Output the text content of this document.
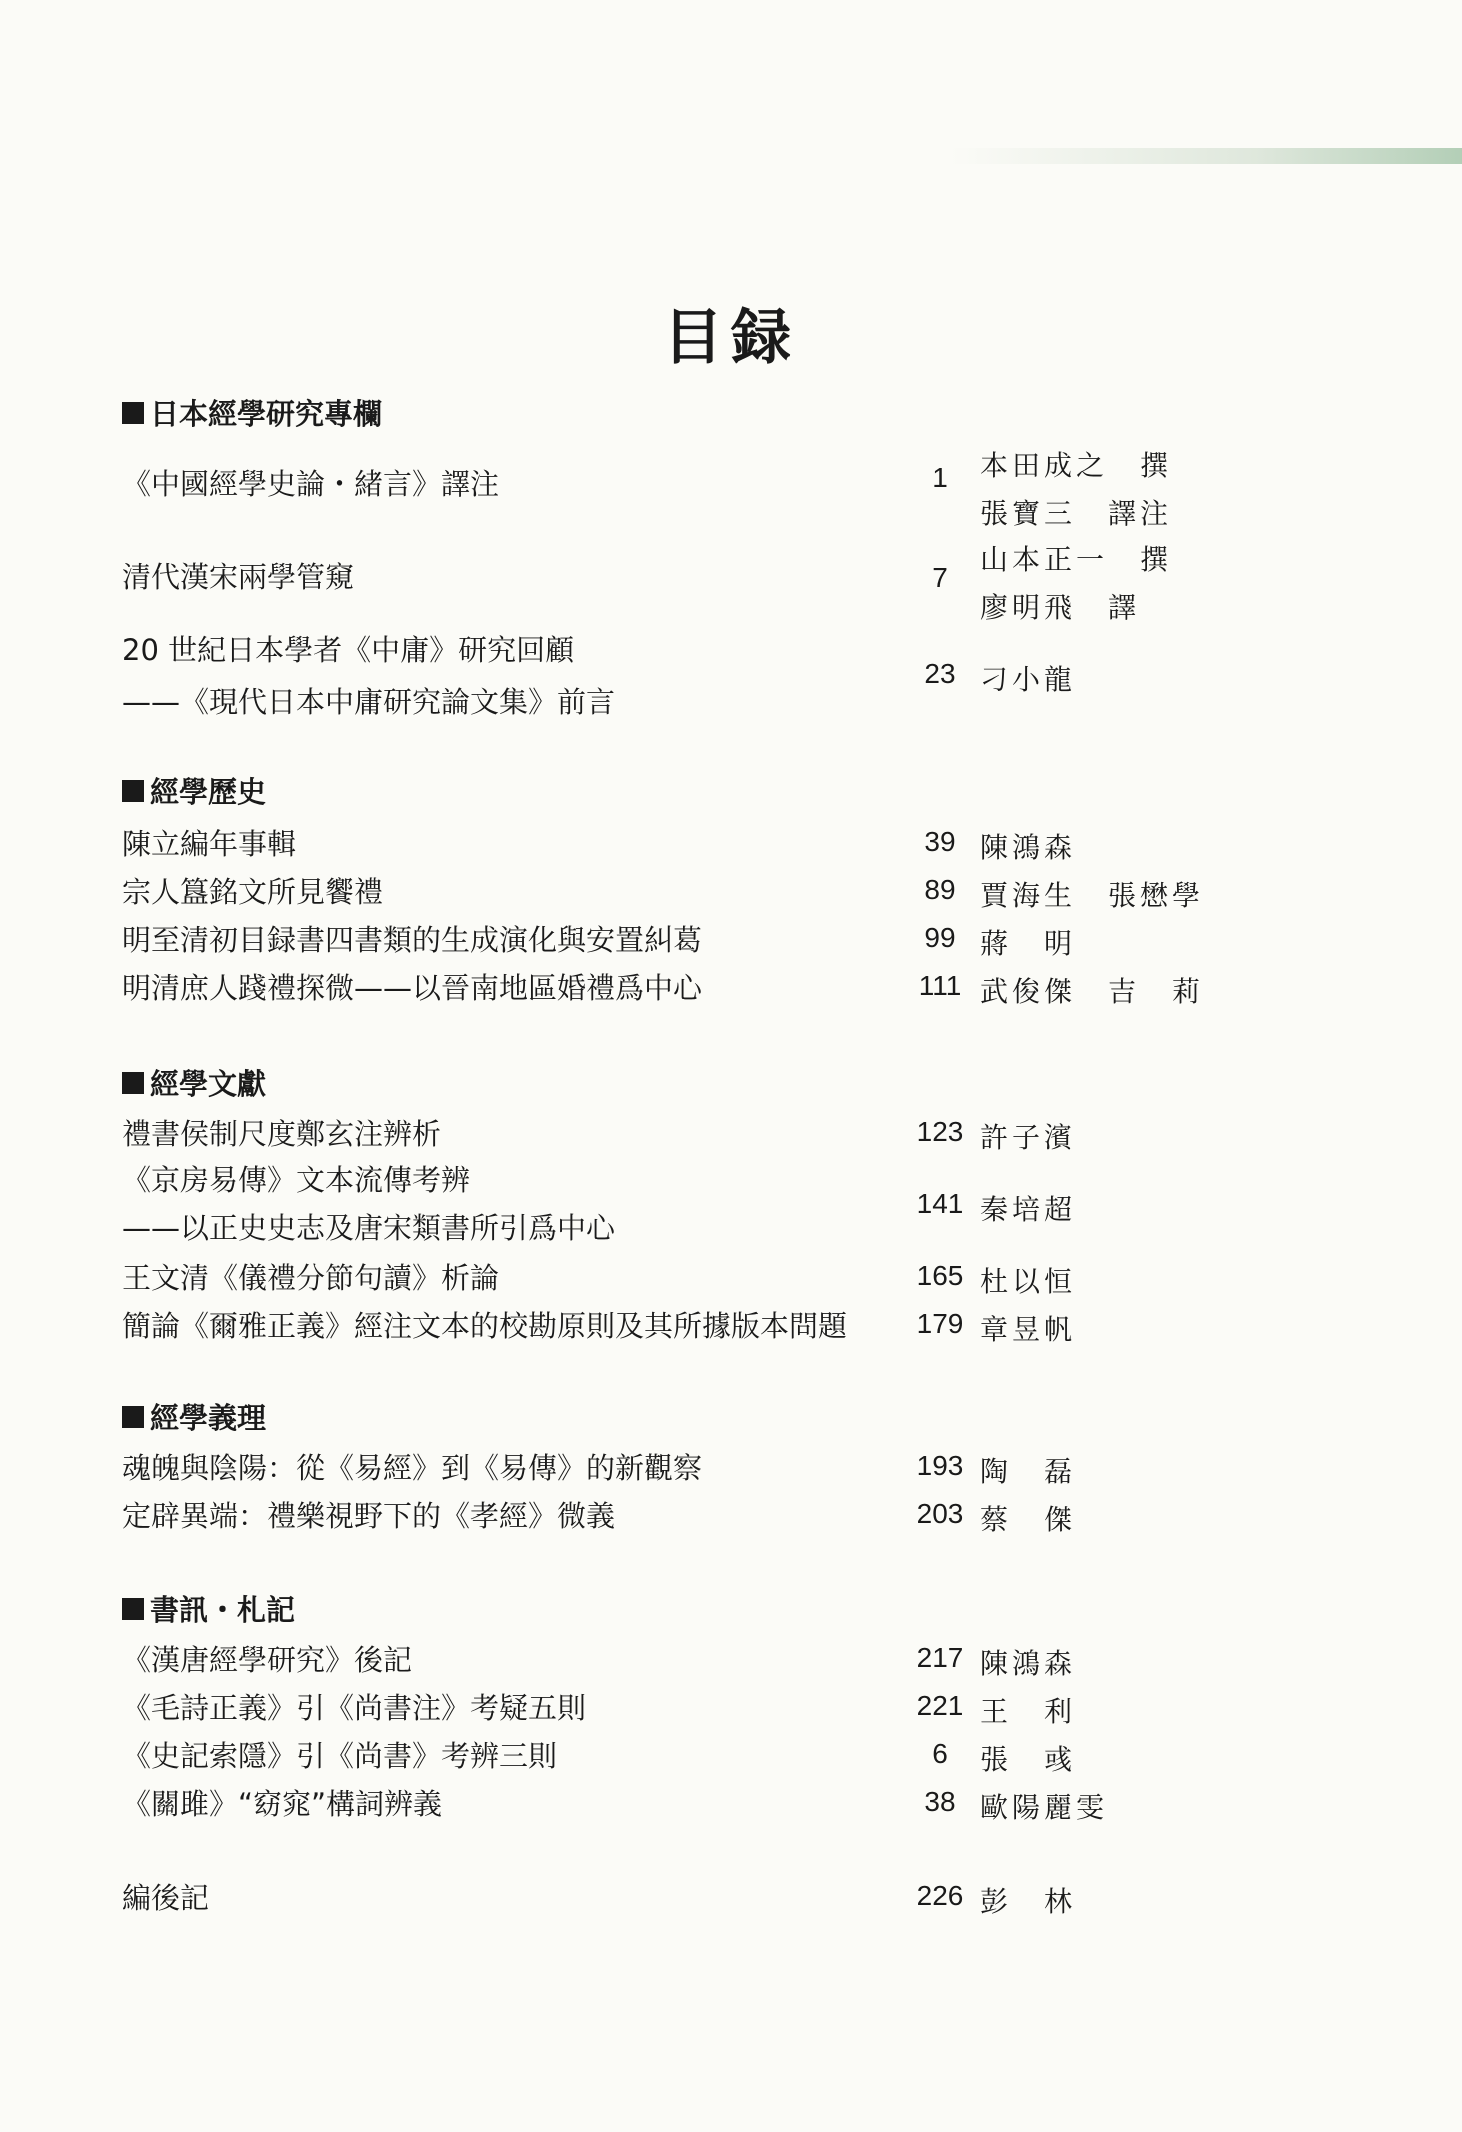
目録
日本經學研究專欄
《中國經學史論・緒言》譯注	1	本田成之　撰
張寶三　譯注
清代漢宋兩學管窺	7
山本正一　撰
廖明飛　譯
20 世紀日本學者《中庸》研究回顧
——《現代日本中庸研究論文集》前言
23 刁小龍
經學歷史
陳立編年事輯	39 陳鴻森
宗人簋銘文所見饗禮	89 賈海生　張懋學
明至清初目録書四書類的生成演化與安置糾葛	99 蔣　明
明清庶人踐禮探微——以晉南地區婚禮爲中心	111 武俊傑　吉　莉
經學文獻
禮書侯制尺度鄭玄注辨析	123 許子濱
《京房易傳》文本流傳考辨
——以正史史志及唐宋類書所引爲中心
141 秦培超
王文清《儀禮分節句讀》析論	165 杜以恒
簡論《爾雅正義》經注文本的校勘原則及其所據版本問題	179 章昱帆
經學義理
魂魄與陰陽：從《易經》到《易傳》的新觀察	193 陶　磊
定辟異端：禮樂視野下的《孝經》微義	203 蔡　傑
書訊・札記
《漢唐經學研究》後記	217 陳鴻森
《毛詩正義》引《尚書注》考疑五則	221 王　利
《史記索隱》引《尚書》考辨三則	6	張　彧
《關雎》“窈窕”構詞辨義	38 歐陽麗雯
編後記	226 彭　林
